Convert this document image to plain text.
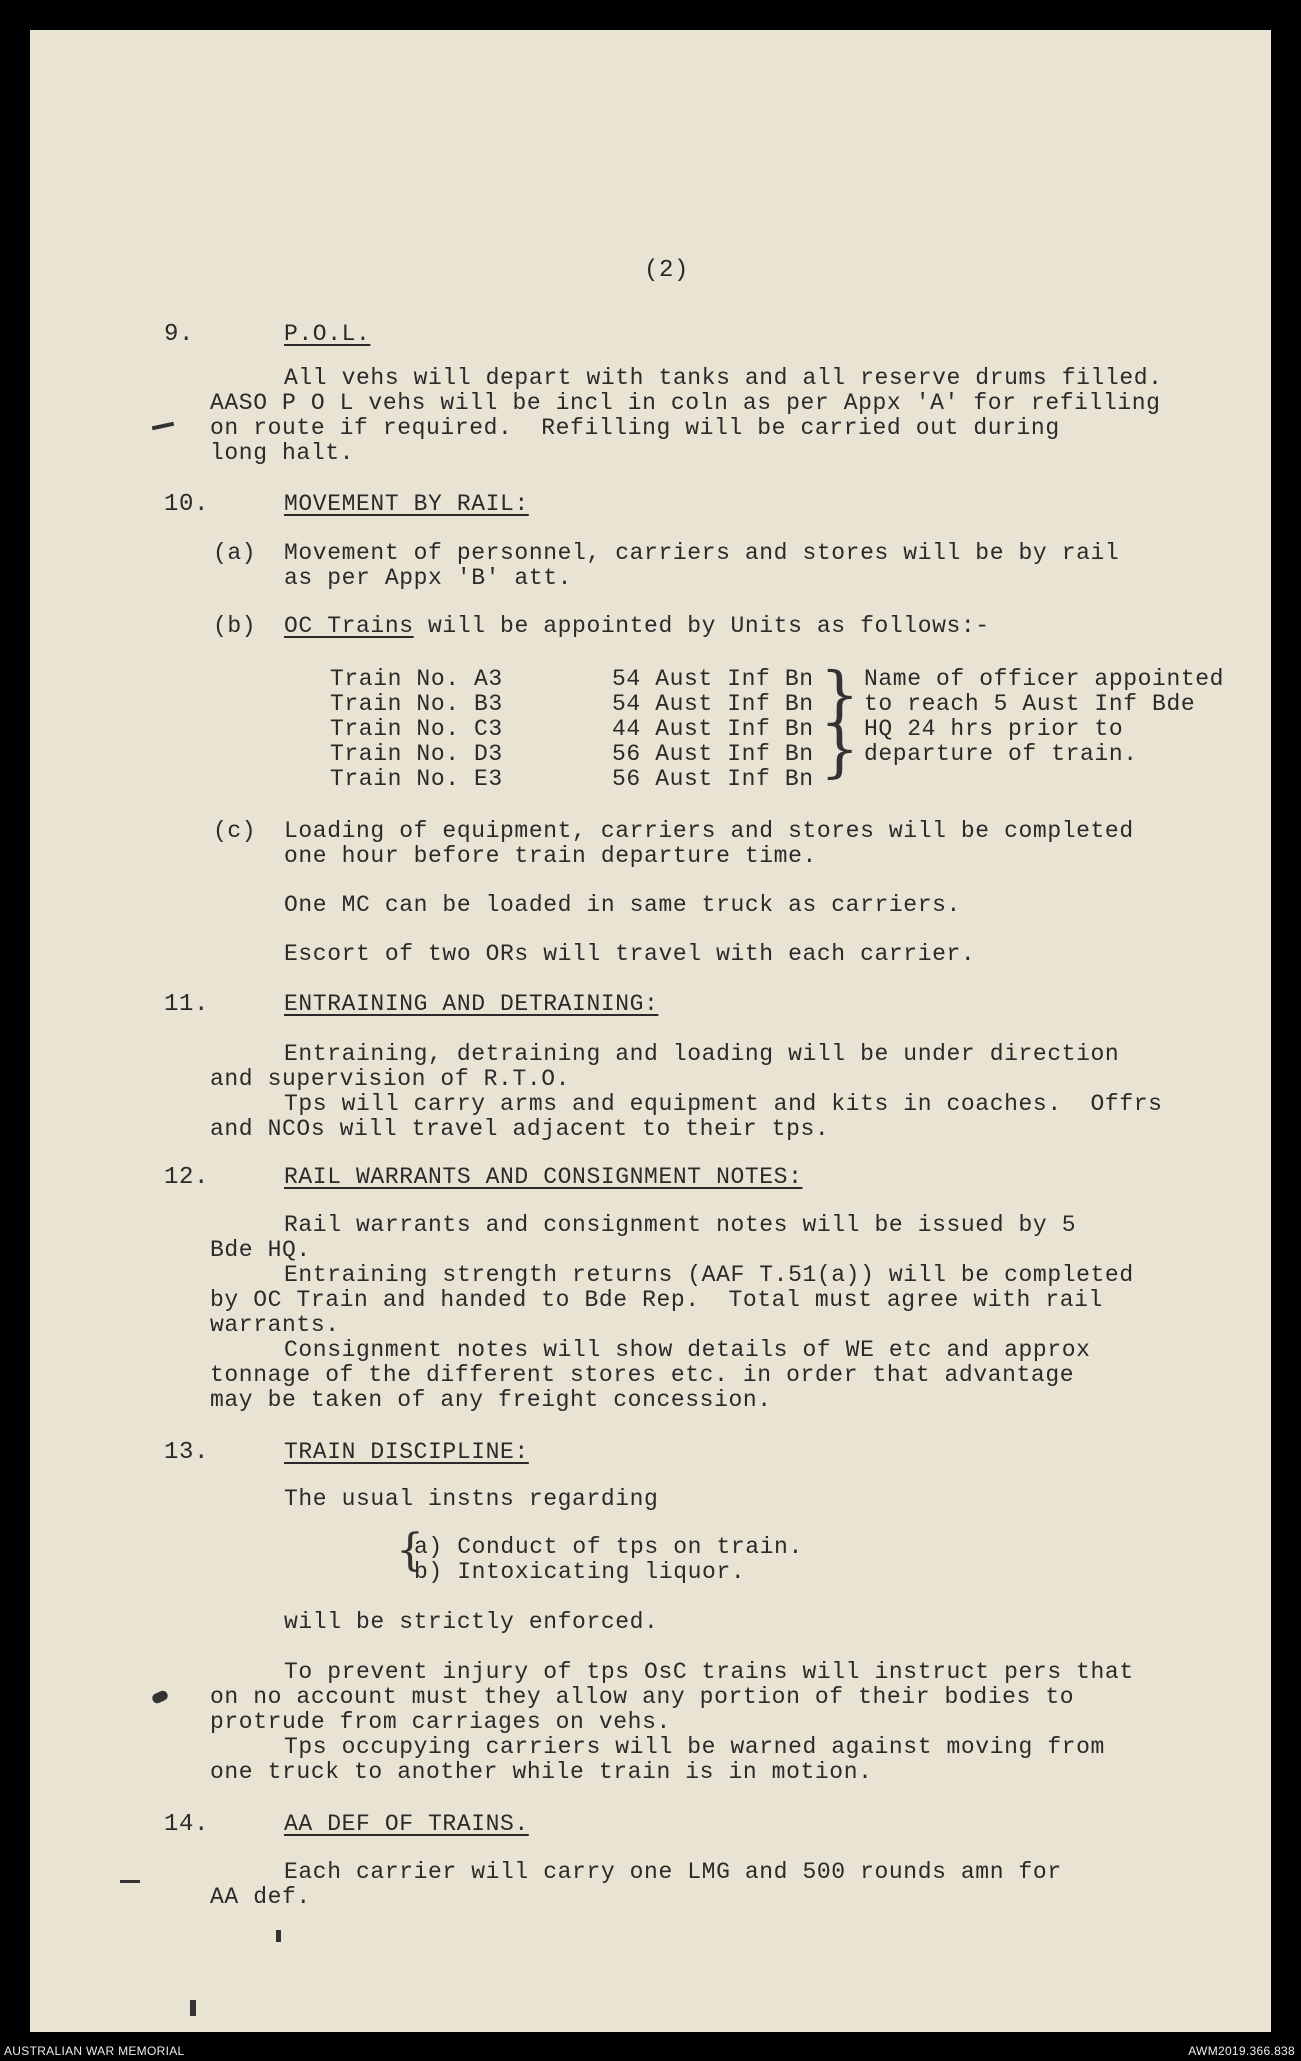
(2)
9.	P.O.L.
All vehs will depart with tanks and all reserve drums filled.
AASO P O L vehs will be incl in coln as per Appx 'A' for refilling
on route if required.  Refilling will be carried out during
long halt.
10.	MOVEMENT BY RAIL:
(a) Movement of personnel, carriers and stores will be by rail
as per Appx 'B' att.
(b) OC Trains will be appointed by Units as follows:-
Train No. A3	54 Aust Inf Bn
Train No. B3	54 Aust Inf Bn
Train No. C3	44 Aust Inf Bn
Train No. D3	56 Aust Inf Bn
Train No. E3	56 Aust Inf Bn
}
}
Name of officer appointed
to reach 5 Aust Inf Bde
HQ 24 hrs prior to
departure of train.
(c) Loading of equipment, carriers and stores will be completed
one hour before train departure time.
One MC can be loaded in same truck as carriers.
Escort of two ORs will travel with each carrier.
11.	ENTRAINING AND DETRAINING:
Entraining, detraining and loading will be under direction
and supervision of R.T.O.
Tps will carry arms and equipment and kits in coaches.  Offrs
and NCOs will travel adjacent to their tps.
12.	RAIL WARRANTS AND CONSIGNMENT NOTES:
Rail warrants and consignment notes will be issued by 5
Bde HQ.
Entraining strength returns (AAF T.51(a)) will be completed
by OC Train and handed to Bde Rep.  Total must agree with rail
warrants.
Consignment notes will show details of WE etc and approx
tonnage of the different stores etc. in order that advantage
may be taken of any freight concession.
13.	TRAIN DISCIPLINE:
The usual instns regarding
{
a) Conduct of tps on train.
b) Intoxicating liquor.
will be strictly enforced.
To prevent injury of tps OsC trains will instruct pers that
on no account must they allow any portion of their bodies to
protrude from carriages on vehs.
Tps occupying carriers will be warned against moving from
one truck to another while train is in motion.
14.	AA DEF OF TRAINS.
Each carrier will carry one LMG and 500 rounds amn for
AA def.
AUSTRALIAN WAR MEMORIAL	AWM2019.366.838
